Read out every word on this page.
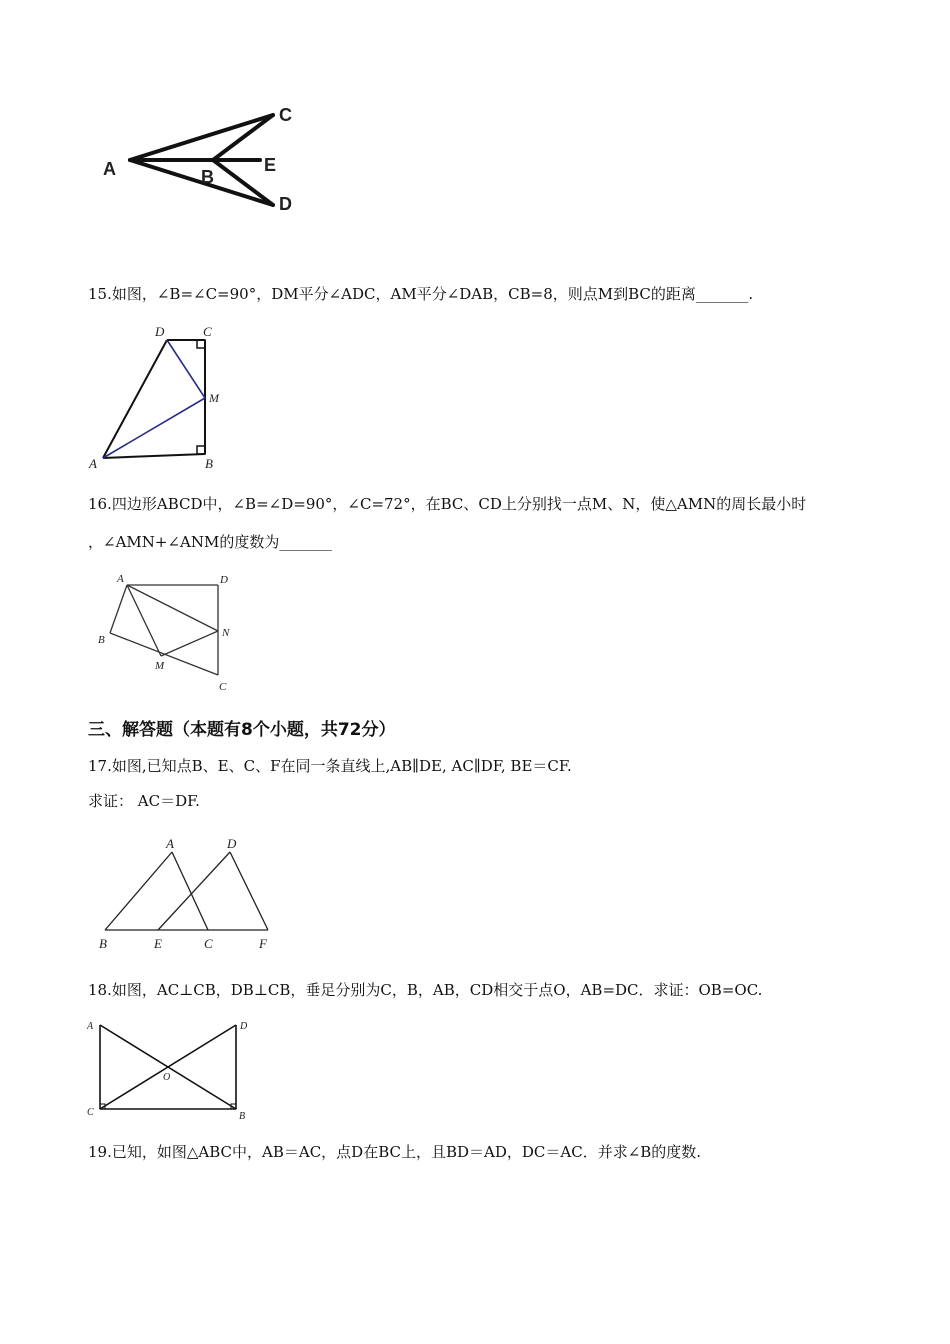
A	B
C
E
D
15.如图，∠B=∠C=90°，DM平分∠ADC，AM平分∠DAB，CB=8，则点M到BC的距离_______.
D	C
M
A	B
16.四边形ABCD中，∠B=∠D=90°，∠C=72°，在BC、CD上分别找一点M、N，使△AMN的周长最小时
，∠AMN+∠ANM的度数为_______
A	D
B
N
M
C
三、解答题（本题有8个小题，共72分）
17.如图,已知点B、E、C、F在同一条直线上,AB∥DE, AC∥DF, BE＝CF.
求证： AC＝DF.
A	D
B	E	C	F
18.如图，AC⊥CB，DB⊥CB，垂足分别为C，B，AB，CD相交于点O，AB=DC．求证：OB=OC.
A	D
O
C	B
19.已知，如图△ABC中，AB＝AC，点D在BC上，且BD＝AD，DC＝AC．并求∠B的度数.
